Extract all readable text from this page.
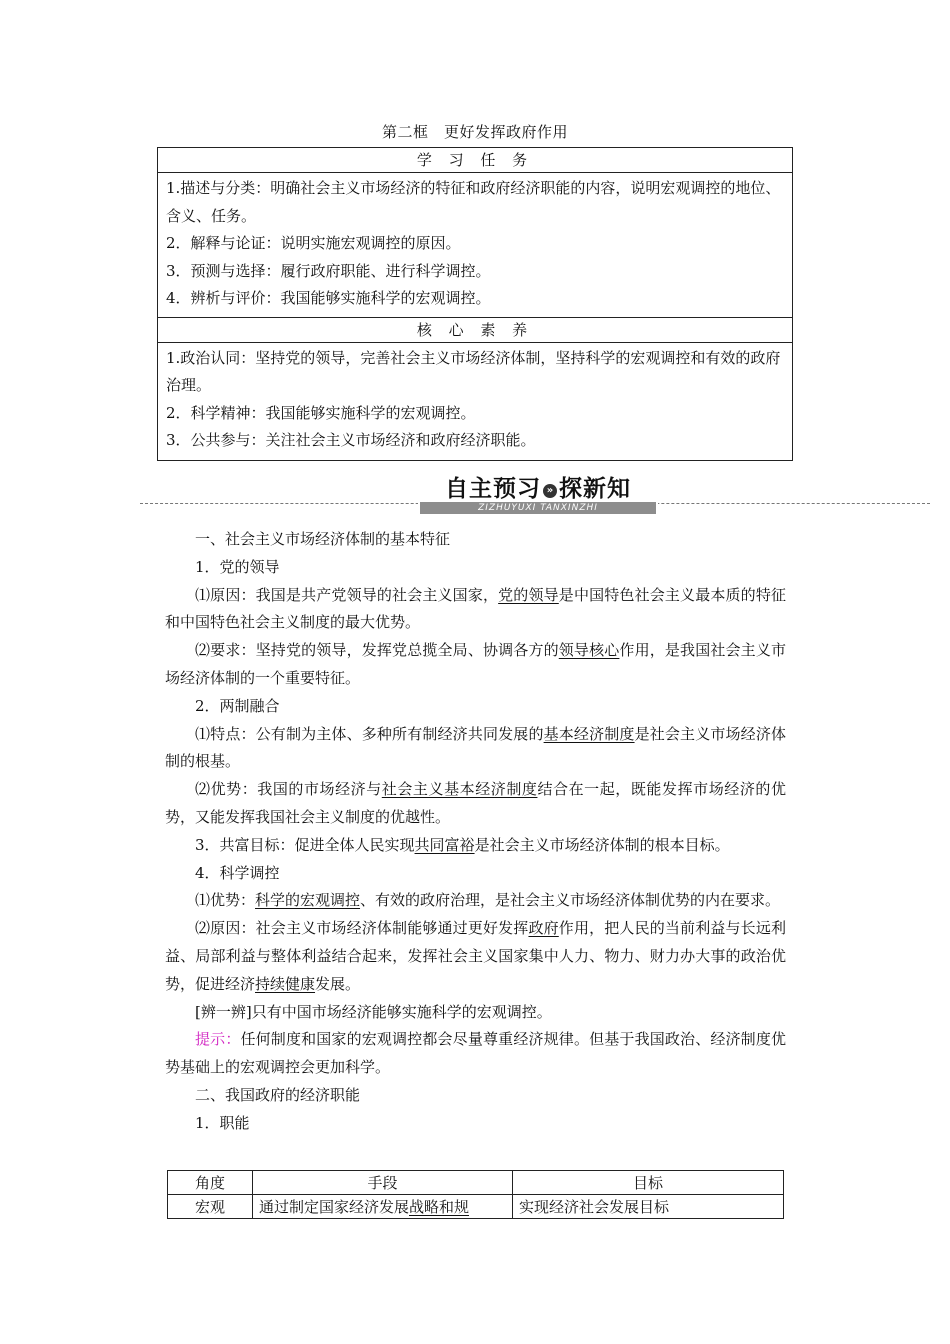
第二框　更好发挥政府作用
学 习 任 务
1.描述与分类：明确社会主义市场经济的特征和政府经济职能的内容，说明宏观调控的地位、含义、任务。
2．解释与论证：说明实施宏观调控的原因。
3．预测与选择：履行政府职能、进行科学调控。
4．辨析与评价：我国能够实施科学的宏观调控。
核 心 素 养
1.政治认同：坚持党的领导，完善社会主义市场经济体制，坚持科学的宏观调控和有效的政府治理。
2．科学精神：我国能够实施科学的宏观调控。
3．公共参与：关注社会主义市场经济和政府经济职能。
自主预习 » 探新知
ZIZHUYUXI TANXINZHI

一、社会主义市场经济体制的基本特征

1．党的领导

⑴原因：我国是共产党领导的社会主义国家，党的领导是中国特色社会主义最本质的特征和中国特色社会主义制度的最大优势。

⑵要求：坚持党的领导，发挥党总揽全局、协调各方的领导核心作用，是我国社会主义市场经济体制的一个重要特征。

2．两制融合

⑴特点：公有制为主体、多种所有制经济共同发展的基本经济制度是社会主义市场经济体制的根基。

⑵优势：我国的市场经济与社会主义基本经济制度结合在一起，既能发挥市场经济的优势，又能发挥我国社会主义制度的优越性。

3．共富目标：促进全体人民实现共同富裕是社会主义市场经济体制的根本目标。

4．科学调控

⑴优势：科学的宏观调控、有效的政府治理，是社会主义市场经济体制优势的内在要求。

⑵原因：社会主义市场经济体制能够通过更好发挥政府作用，把人民的当前利益与长远利益、局部利益与整体利益结合起来，发挥社会主义国家集中人力、物力、财力办大事的政治优势，促进经济持续健康发展。

[辨一辨]只有中国市场经济能够实施科学的宏观调控。

提示：任何制度和国家的宏观调控都会尽量尊重经济规律。但基于我国政治、经济制度优势基础上的宏观调控会更加科学。

二、我国政府的经济职能

1．职能

角度	手段	目标
宏观	通过制定国家经济发展战略和规	实现经济社会发展目标
